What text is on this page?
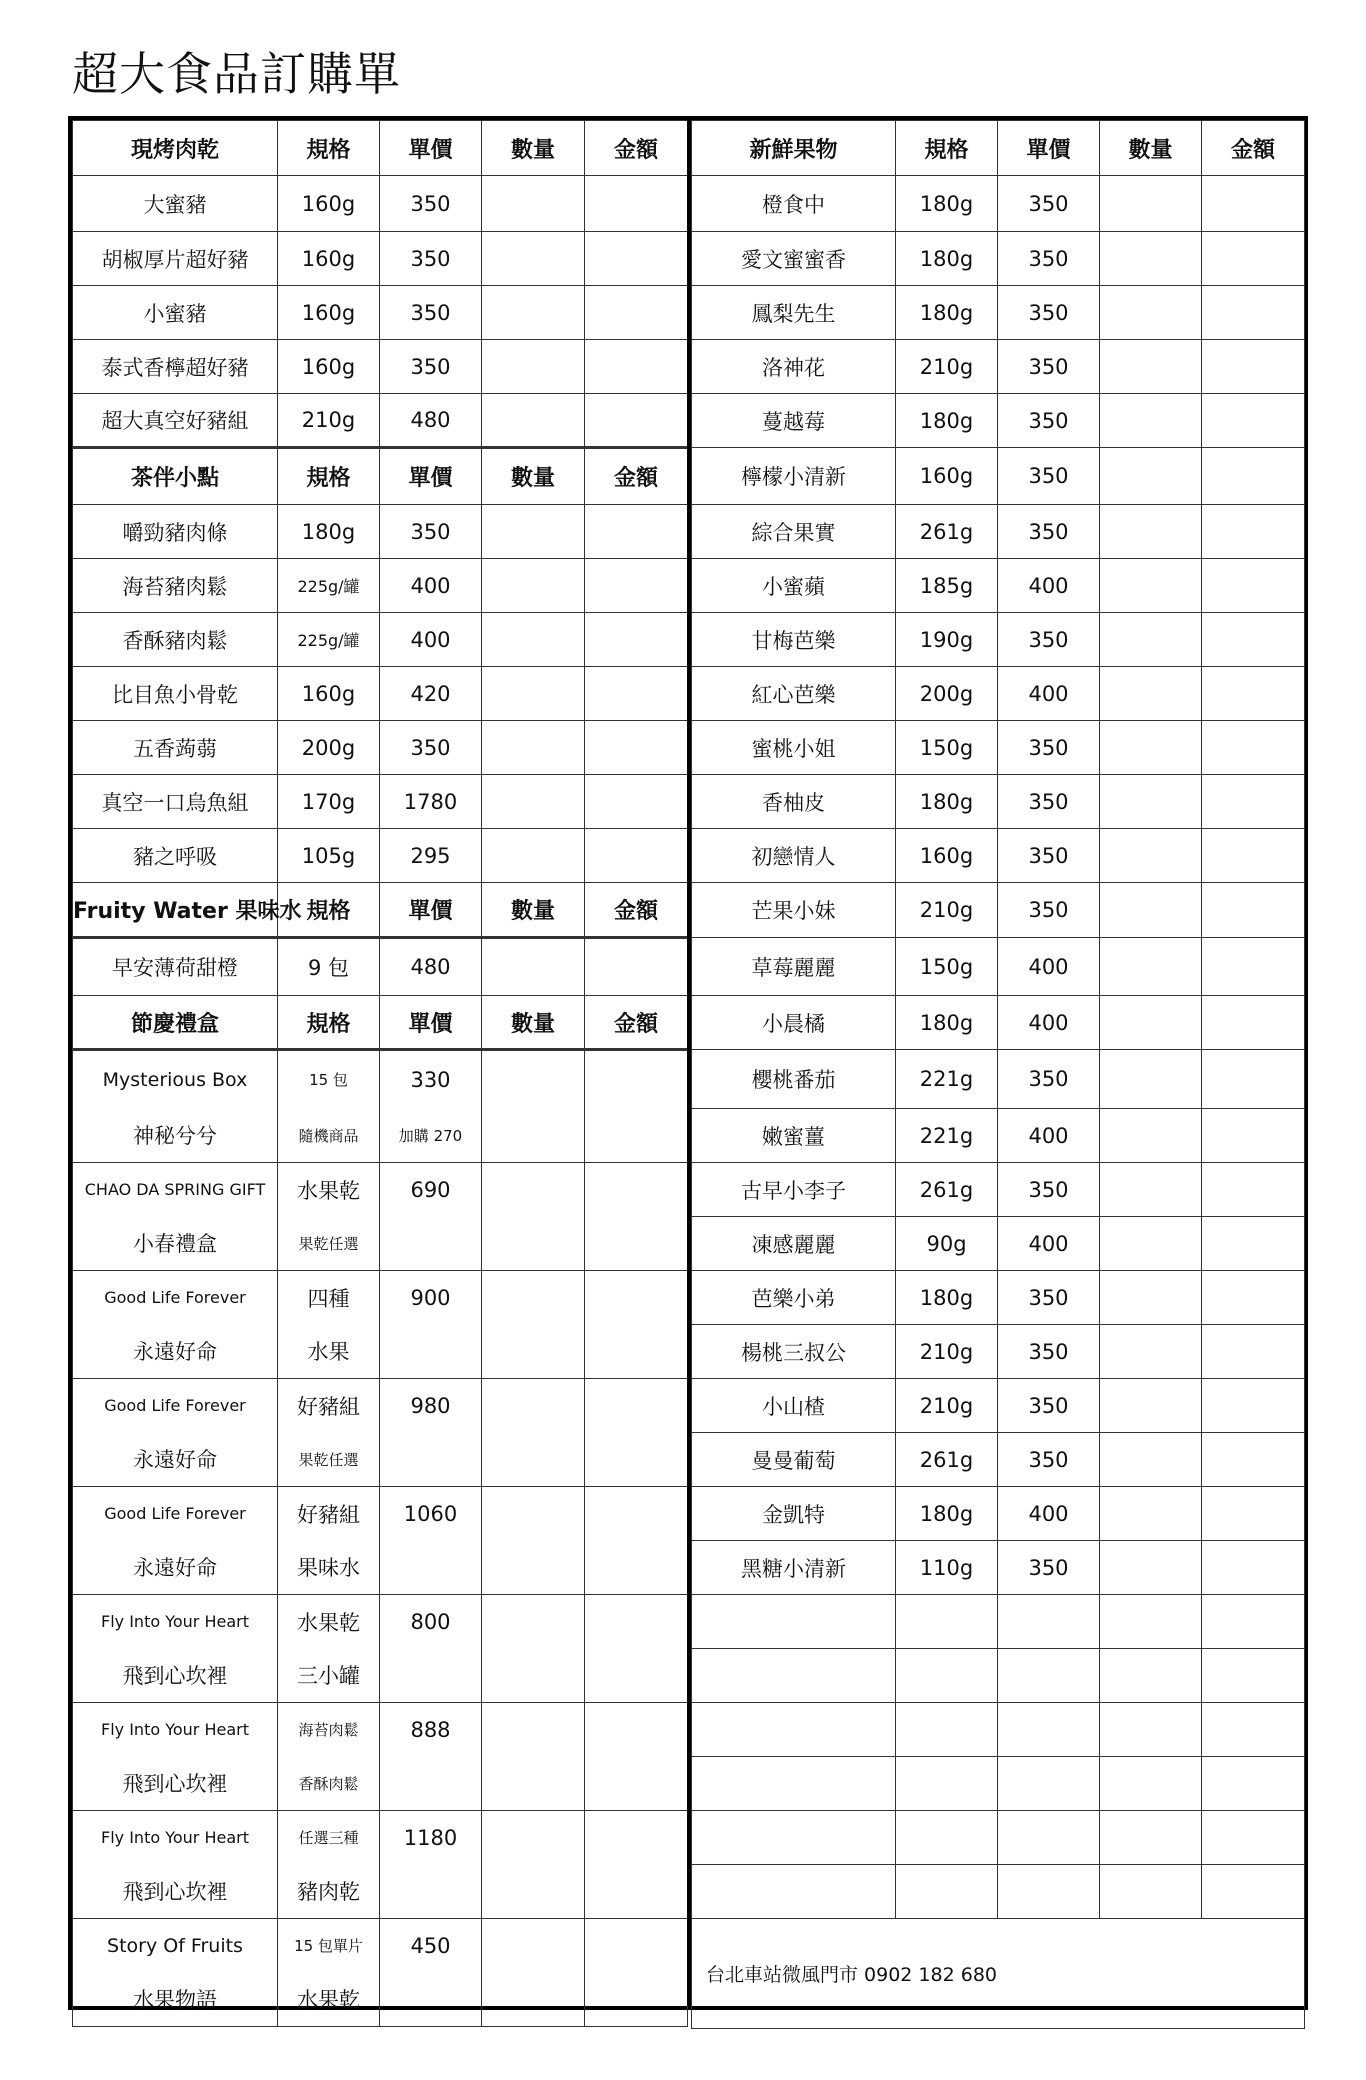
超大食品訂購單
現烤肉乾	規格	單價	數量	金額
大蜜豬	160g	350		
胡椒厚片超好豬	160g	350		
小蜜豬	160g	350		
泰式香檸超好豬	160g	350		
超大真空好豬組	210g	480		
茶伴小點	規格	單價	數量	金額
嚼勁豬肉條	180g	350		
海苔豬肉鬆	225g/罐	400		
香酥豬肉鬆	225g/罐	400		
比目魚小骨乾	160g	420		
五香蒟蒻	200g	350		
真空一口烏魚組	170g	1780		
豬之呼吸	105g	295		
Fruity Water 果味水	規格	單價	數量	金額
早安薄荷甜橙	9 包	480		
節慶禮盒	規格	單價	數量	金額
Mysterious Box	15 包	330		
神秘兮兮	隨機商品	加購 270		
CHAO DA SPRING GIFT	水果乾	690		
小春禮盒	果乾任選			
Good Life Forever	四種	900		
永遠好命	水果			
Good Life Forever	好豬組	980		
永遠好命	果乾任選			
Good Life Forever	好豬組	1060		
永遠好命	果味水			
Fly Into Your Heart	水果乾	800		
飛到心坎裡	三小罐			
Fly Into Your Heart	海苔肉鬆	888		
飛到心坎裡	香酥肉鬆			
Fly Into Your Heart	任選三種	1180		
飛到心坎裡	豬肉乾			
Story Of Fruits	15 包單片	450		
水果物語	水果乾			
新鮮果物	規格	單價	數量	金額
橙食中	180g	350		
愛文蜜蜜香	180g	350		
鳳梨先生	180g	350		
洛神花	210g	350		
蔓越莓	180g	350		
檸檬小清新	160g	350		
綜合果實	261g	350		
小蜜蘋	185g	400		
甘梅芭樂	190g	350		
紅心芭樂	200g	400		
蜜桃小姐	150g	350		
香柚皮	180g	350		
初戀情人	160g	350		
芒果小妹	210g	350		
草莓麗麗	150g	400		
小晨橘	180g	400		
櫻桃番茄	221g	350		
嫩蜜薑	221g	400		
古早小李子	261g	350		
凍感麗麗	90g	400		
芭樂小弟	180g	350		
楊桃三叔公	210g	350		
小山楂	210g	350		
曼曼葡萄	261g	350		
金凱特	180g	400		
黑糖小清新	110g	350		

台北車站微風門市 0902 182 680				
